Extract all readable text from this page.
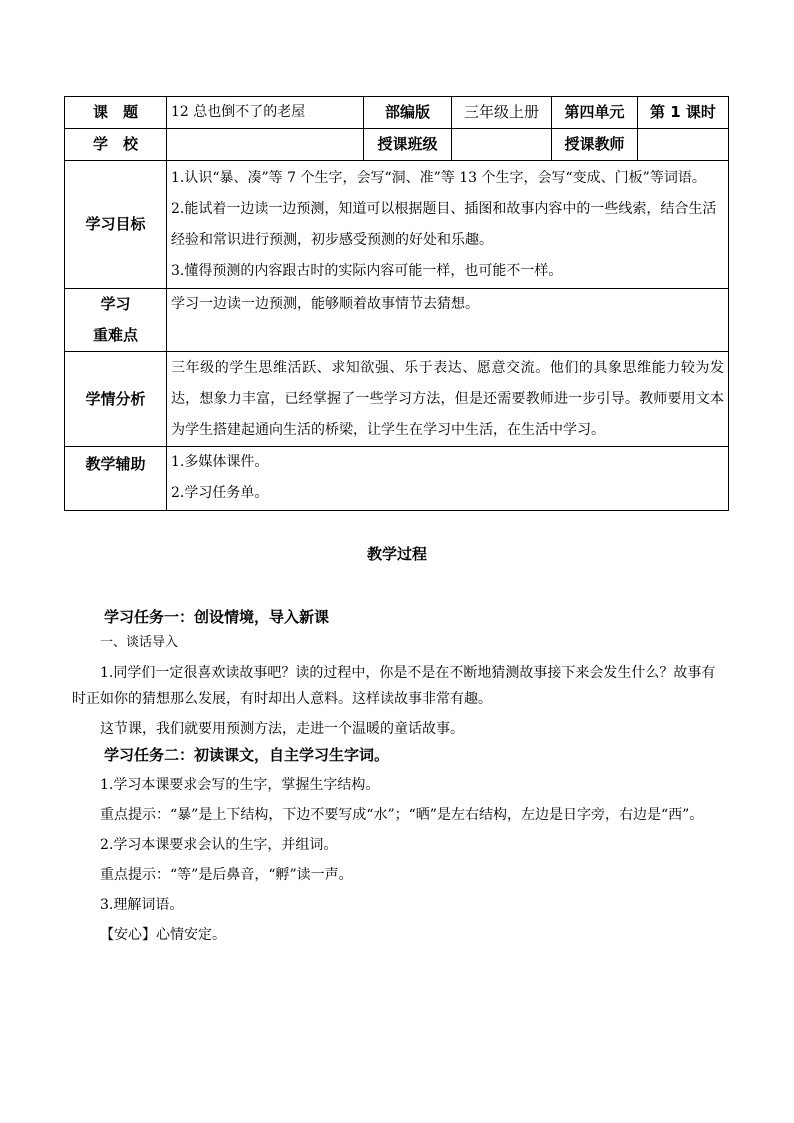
课　题	12 总也倒不了的老屋	部编版	三年级上册	第四单元	第 1 课时
学　校		授课班级		授课教师	
学习目标	1.认识“暴、凑”等 7 个生字，会写“洞、准”等 13 个生字，会写“变成、门板”等词语。
2.能试着一边读一边预测，知道可以根据题目、插图和故事内容中的一些线索，结合生活经验和常识进行预测，初步感受预测的好处和乐趣。
3.懂得预测的内容跟古时的实际内容可能一样，也可能不一样。				

学习
重难点	学习一边读一边预测，能够顺着故事情节去猜想。				
学情分析	三年级的学生思维活跃、求知欲强、乐于表达、愿意交流。他们的具象思维能力较为发达，想象力丰富，已经掌握了一些学习方法，但是还需要教师进一步引导。教师要用文本为学生搭建起通向生活的桥梁，让学生在学习中生活，在生活中学习。				
教学辅助	1.多媒体课件。
2.学习任务单。				
教学过程

学习任务一：创设情境，导入新课

一、谈话导入

1.同学们一定很喜欢读故事吧？读的过程中，你是不是在不断地猜测故事接下来会发生什么？故事有时正如你的猜想那么发展，有时却出人意料。这样读故事非常有趣。

这节课，我们就要用预测方法，走进一个温暖的童话故事。

学习任务二：初读课文，自主学习生字词。

1.学习本课要求会写的生字，掌握生字结构。

重点提示：“暴”是上下结构，下边不要写成“水”；“晒”是左右结构，左边是日字旁，右边是“西”。

2.学习本课要求会认的生字，并组词。

重点提示：“等”是后鼻音，“孵”读一声。

3.理解词语。

【安心】心情安定。
